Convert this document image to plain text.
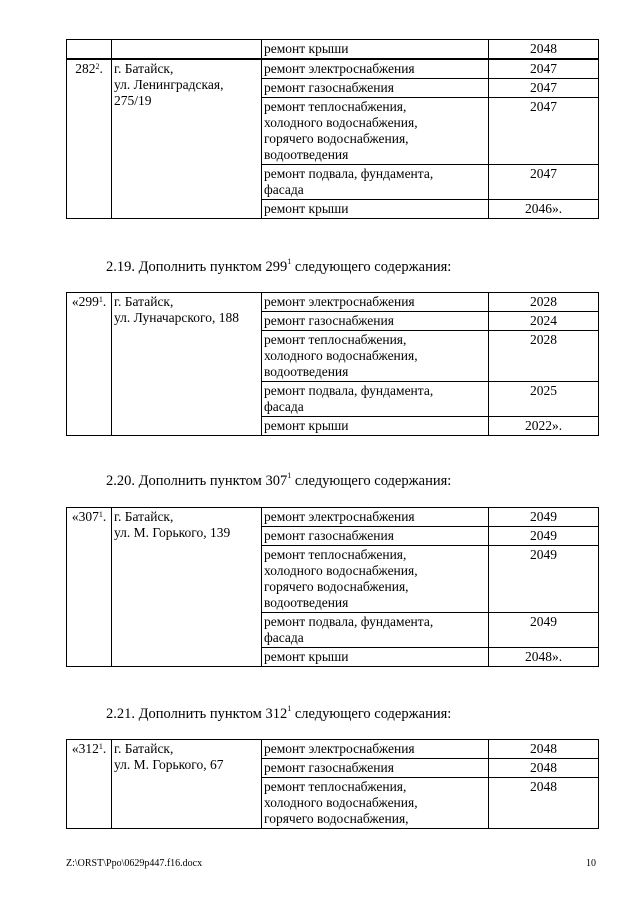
		ремонт крыши	2048
$282^2$.	г. Батайск,
ул. Ленинградская,
275/19	ремонт электроснабжения	2047
		ремонт газоснабжения	2047
		ремонт теплоснабжения,
холодного водоснабжения,
горячего водоснабжения,
водоотведения	2047
		ремонт подвала, фундамента,
фасада	2047
		ремонт крыши	2046».
2.19. Дополнить пунктом $299^1$ следующего содержания:
«$299^1$.	г. Батайск,
ул. Луначарского, 188	ремонт электроснабжения	2028
		ремонт газоснабжения	2024
		ремонт теплоснабжения,
холодного водоснабжения,
водоотведения	2028
		ремонт подвала, фундамента,
фасада	2025
		ремонт крыши	2022».
2.20. Дополнить пунктом $307^1$ следующего содержания:
«$307^1$.	г. Батайск,
ул. М. Горького, 139	ремонт электроснабжения	2049
		ремонт газоснабжения	2049
		ремонт теплоснабжения,
холодного водоснабжения,
горячего водоснабжения,
водоотведения	2049
		ремонт подвала, фундамента,
фасада	2049
		ремонт крыши	2048».
2.21. Дополнить пунктом $312^1$ следующего содержания:
«$312^1$.	г. Батайск,
ул. М. Горького, 67	ремонт электроснабжения	2048
		ремонт газоснабжения	2048
		ремонт теплоснабжения,
холодного водоснабжения,
горячего водоснабжения,	2048
Z:\ORST\Ppo\0629p447.f16.docx	10
